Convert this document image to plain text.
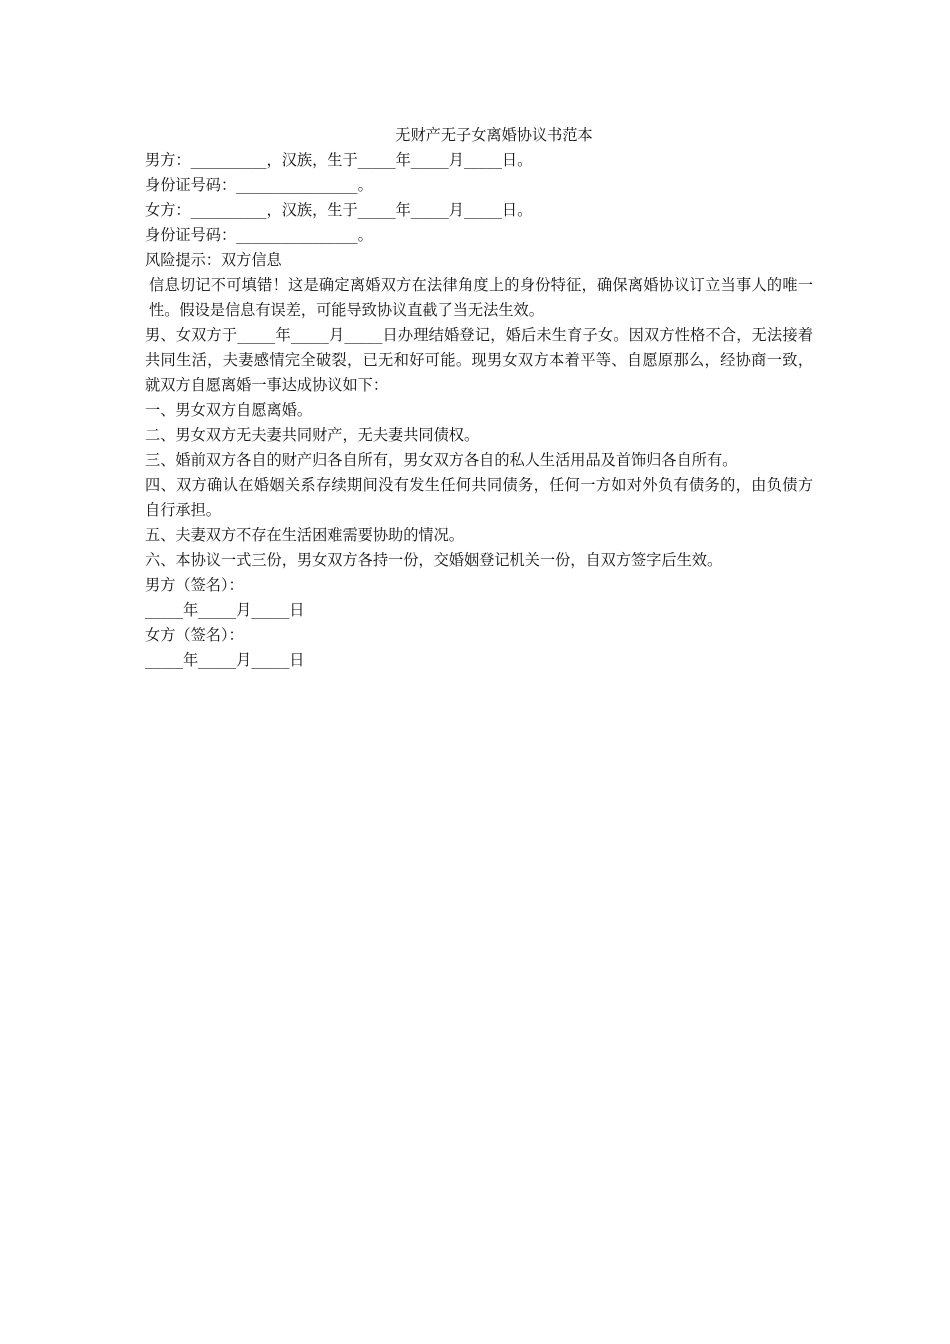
无财产无子女离婚协议书范本

男方：__________，汉族，生于_____年_____月_____日。

身份证号码：________________。

女方：__________，汉族，生于_____年_____月_____日。

身份证号码：________________。

风险提示：双方信息

信息切记不可填错！这是确定离婚双方在法律角度上的身份特征，确保离婚协议订立当事人的唯一性。假设是信息有误差，可能导致协议直截了当无法生效。

男、女双方于_____年_____月_____日办理结婚登记，婚后未生育子女。因双方性格不合，无法接着共同生活，夫妻感情完全破裂，已无和好可能。现男女双方本着平等、自愿原那么，经协商一致，就双方自愿离婚一事达成协议如下：

一、男女双方自愿离婚。

二、男女双方无夫妻共同财产，无夫妻共同债权。

三、婚前双方各自的财产归各自所有，男女双方各自的私人生活用品及首饰归各自所有。

四、双方确认在婚姻关系存续期间没有发生任何共同债务，任何一方如对外负有债务的，由负债方自行承担。

五、夫妻双方不存在生活困难需要协助的情况。

六、本协议一式三份，男女双方各持一份，交婚姻登记机关一份，自双方签字后生效。

男方（签名）：

_____年_____月_____日

女方（签名）：

_____年_____月_____日
